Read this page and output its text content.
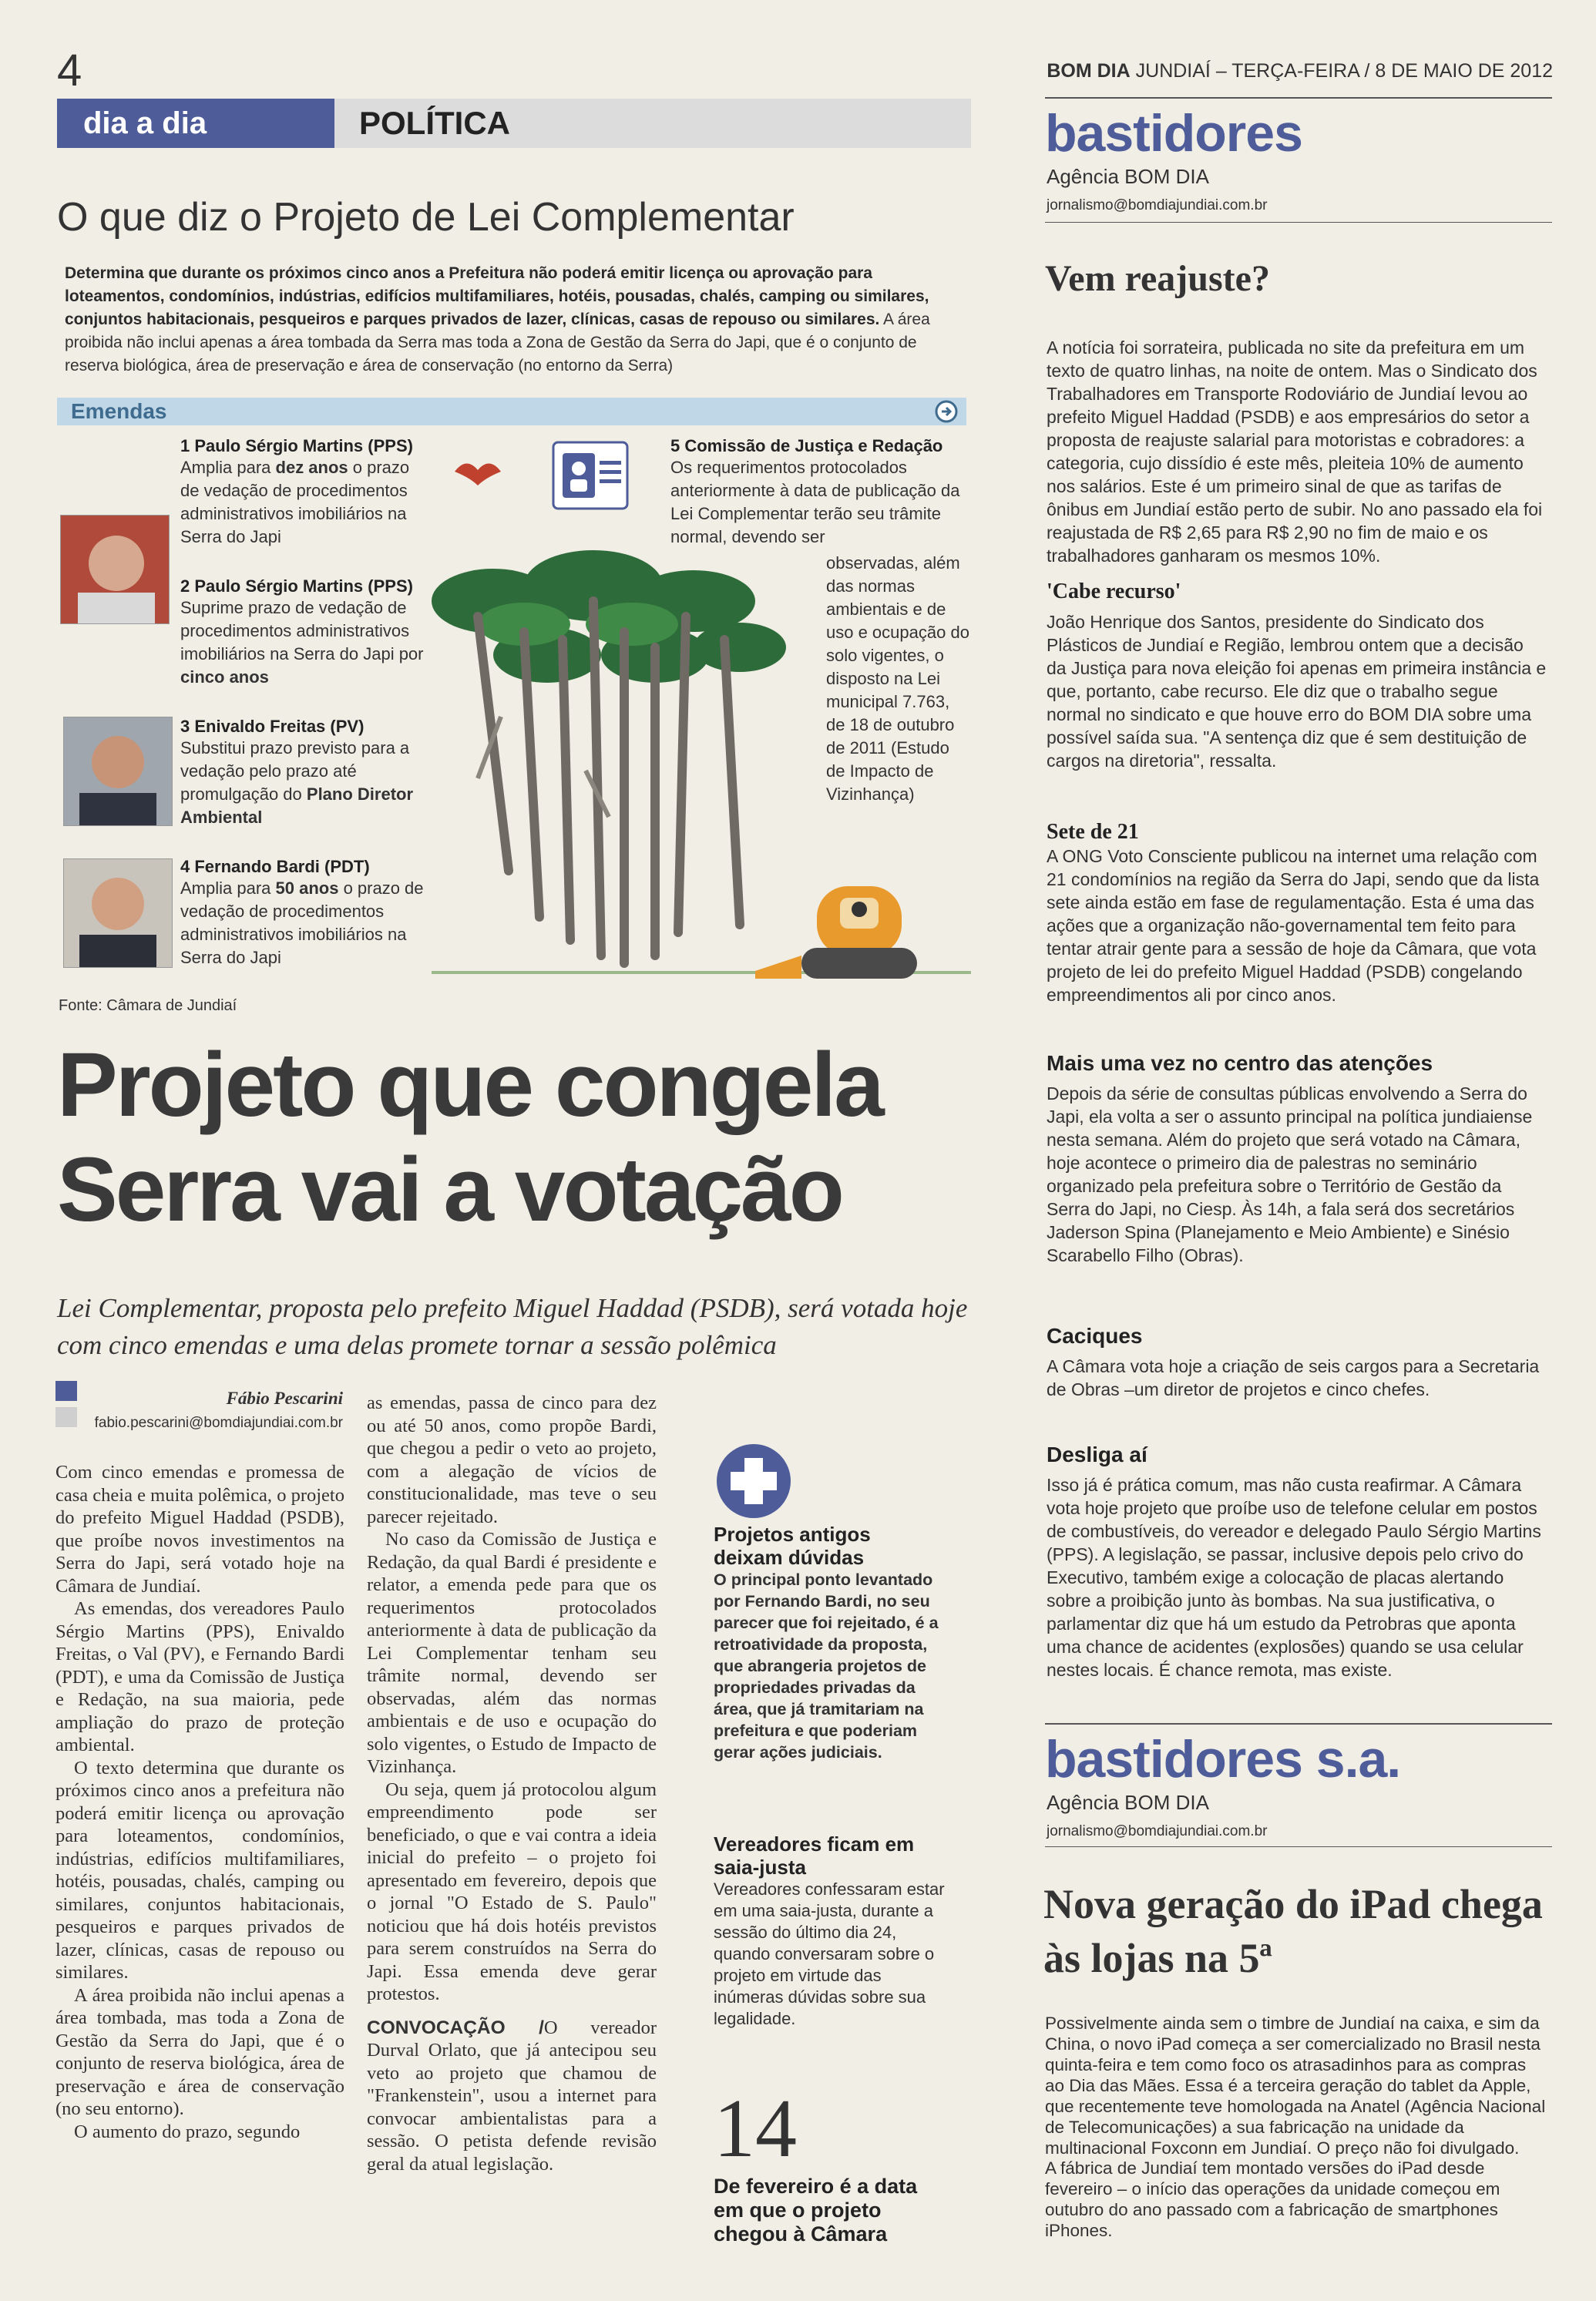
4	BOM DIA JUNDIAÍ – TERÇA-FEIRA / 8 DE MAIO DE 2012
dia a dia	POLÍTICA
O que diz o Projeto de Lei Complementar
Determina que durante os próximos cinco anos a Prefeitura não poderá emitir licença ou aprovação para loteamentos, condomínios, indústrias, edifícios multifamiliares, hotéis, pousadas, chalés, camping ou similares, conjuntos habitacionais, pesqueiros e parques privados de lazer, clínicas, casas de repouso ou similares. A área proibida não inclui apenas a área tombada da Serra mas toda a Zona de Gestão da Serra do Japi, que é o conjunto de reserva biológica, área de preservação e área de conservação (no entorno da Serra)
Emendas
1 Paulo Sérgio Martins (PPS)
Amplia para dez anos o prazo de vedação de procedimentos administrativos imobiliários na Serra do Japi
2 Paulo Sérgio Martins (PPS)
Suprime prazo de vedação de procedimentos administrativos imobiliários na Serra do Japi por cinco anos
3 Enivaldo Freitas (PV)
Substitui prazo previsto para a vedação pelo prazo até promulgação do Plano Diretor Ambiental
4 Fernando Bardi (PDT)
Amplia para 50 anos o prazo de vedação de procedimentos administrativos imobiliários na Serra do Japi
5 Comissão de Justiça e Redação
Os requerimentos protocolados anteriormente à data de publicação da Lei Complementar terão seu trâmite normal, devendo ser
observadas, além das normas ambientais e de uso e ocupação do solo vigentes, o disposto na Lei municipal 7.763, de 18 de outubro de 2011 (Estudo de Impacto de Vizinhança)
Fonte: Câmara de Jundiaí
Projeto que congela Serra vai a votação
Lei Complementar, proposta pelo prefeito Miguel Haddad (PSDB), será votada hoje com cinco emendas e uma delas promete tornar a sessão polêmica
Fábio Pescarini
fabio.pescarini@bomdiajundiai.com.br

Com cinco emendas e promessa de casa cheia e muita polêmica, o projeto do prefeito Miguel Haddad (PSDB), que proíbe novos investimentos na Serra do Japi, será votado hoje na Câmara de Jundiaí.

As emendas, dos vereadores Paulo Sérgio Martins (PPS), Enivaldo Freitas, o Val (PV), e Fernando Bardi (PDT), e uma da Comissão de Justiça e Redação, na sua maioria, pede ampliação do prazo de proteção ambiental.

O texto determina que durante os próximos cinco anos a prefeitura não poderá emitir licença ou aprovação para loteamentos, condomínios, indústrias, edifícios multifamiliares, hotéis, pousadas, chalés, camping ou similares, conjuntos habitacionais, pesqueiros e parques privados de lazer, clínicas, casas de repouso ou similares.

A área proibida não inclui apenas a área tombada, mas toda a Zona de Gestão da Serra do Japi, que é o conjunto de reserva biológica, área de preservação e área de conservação (no seu entorno).

O aumento do prazo, segundo

as emendas, passa de cinco para dez ou até 50 anos, como propõe Bardi, que chegou a pedir o veto ao projeto, com a alegação de vícios de constitucionalidade, mas teve o seu parecer rejeitado.

No caso da Comissão de Justiça e Redação, da qual Bardi é presidente e relator, a emenda pede para que os requerimentos protocolados anteriormente à data de publicação da Lei Complementar tenham seu trâmite normal, devendo ser observadas, além das normas ambientais e de uso e ocupação do solo vigentes, o Estudo de Impacto de Vizinhança.

Ou seja, quem já protocolou algum empreendimento pode ser beneficiado, o que e vai contra a ideia inicial do prefeito – o projeto foi apresentado em fevereiro, depois que o jornal "O Estado de S. Paulo" noticiou que há dois hotéis previstos para serem construídos na Serra do Japi. Essa emenda deve gerar protestos.

CONVOCAÇÃO /O vereador Durval Orlato, que já antecipou seu veto ao projeto que chamou de "Frankenstein", usou a internet para convocar ambientalistas para a sessão. O petista defende revisão geral da atual legislação.

Projetos antigos deixam dúvidas
O principal ponto levantado por Fernando Bardi, no seu parecer que foi rejeitado, é a retroatividade da proposta, que abrangeria projetos de propriedades privadas da área, que já tramitariam na prefeitura e que poderiam gerar ações judiciais.
Vereadores ficam em saia-justa
Vereadores confessaram estar em uma saia-justa, durante a sessão do último dia 24, quando conversaram sobre o projeto em virtude das inúmeras dúvidas sobre sua legalidade.
14
De fevereiro é a data em que o projeto chegou à Câmara
bastidores
Agência BOM DIA
jornalismo@bomdiajundiai.com.br
Vem reajuste?
A notícia foi sorrateira, publicada no site da prefeitura em um texto de quatro linhas, na noite de ontem. Mas o Sindicato dos Trabalhadores em Transporte Rodoviário de Jundiaí levou ao prefeito Miguel Haddad (PSDB) e aos empresários do setor a proposta de reajuste salarial para motoristas e cobradores: a categoria, cujo dissídio é este mês, pleiteia 10% de aumento nos salários. Este é um primeiro sinal de que as tarifas de ônibus em Jundiaí estão perto de subir. No ano passado ela foi reajustada de R$ 2,65 para R$ 2,90 no fim de maio e os trabalhadores ganharam os mesmos 10%.
'Cabe recurso'
João Henrique dos Santos, presidente do Sindicato dos Plásticos de Jundiaí e Região, lembrou ontem que a decisão da Justiça para nova eleição foi apenas em primeira instância e que, portanto, cabe recurso. Ele diz que o trabalho segue normal no sindicato e que houve erro do BOM DIA sobre uma possível saída sua. "A sentença diz que é sem destituição de cargos na diretoria", ressalta.
Sete de 21
A ONG Voto Consciente publicou na internet uma relação com 21 condomínios na região da Serra do Japi, sendo que da lista sete ainda estão em fase de regulamentação. Esta é uma das ações que a organização não-governamental tem feito para tentar atrair gente para a sessão de hoje da Câmara, que vota projeto de lei do prefeito Miguel Haddad (PSDB) congelando empreendimentos ali por cinco anos.
Mais uma vez no centro das atenções
Depois da série de consultas públicas envolvendo a Serra do Japi, ela volta a ser o assunto principal na política jundiaiense nesta semana. Além do projeto que será votado na Câmara, hoje acontece o primeiro dia de palestras no seminário organizado pela prefeitura sobre o Território de Gestão da Serra do Japi, no Ciesp. Às 14h, a fala será dos secretários Jaderson Spina (Planejamento e Meio Ambiente) e Sinésio Scarabello Filho (Obras).
Caciques
A Câmara vota hoje a criação de seis cargos para a Secretaria de Obras –um diretor de projetos e cinco chefes.
Desliga aí
Isso já é prática comum, mas não custa reafirmar. A Câmara vota hoje projeto que proíbe uso de telefone celular em postos de combustíveis, do vereador e delegado Paulo Sérgio Martins (PPS). A legislação, se passar, inclusive depois pelo crivo do Executivo, também exige a colocação de placas alertando sobre a proibição junto às bombas. Na sua justificativa, o parlamentar diz que há um estudo da Petrobras que aponta uma chance de acidentes (explosões) quando se usa celular nestes locais. É chance remota, mas existe.
bastidores s.a.
Agência BOM DIA
jornalismo@bomdiajundiai.com.br
Nova geração do iPad chega às lojas na 5ª
Possivelmente ainda sem o timbre de Jundiaí na caixa, e sim da China, o novo iPad começa a ser comercializado no Brasil nesta quinta-feira e tem como foco os atrasadinhos para as compras ao Dia das Mães. Essa é a terceira geração do tablet da Apple, que recentemente teve homologada na Anatel (Agência Nacional de Telecomunicações) a sua fabricação na unidade da multinacional Foxconn em Jundiaí. O preço não foi divulgado.
A fábrica de Jundiaí tem montado versões do iPad desde fevereiro – o início das operações da unidade começou em outubro do ano passado com a fabricação de smartphones iPhones.
